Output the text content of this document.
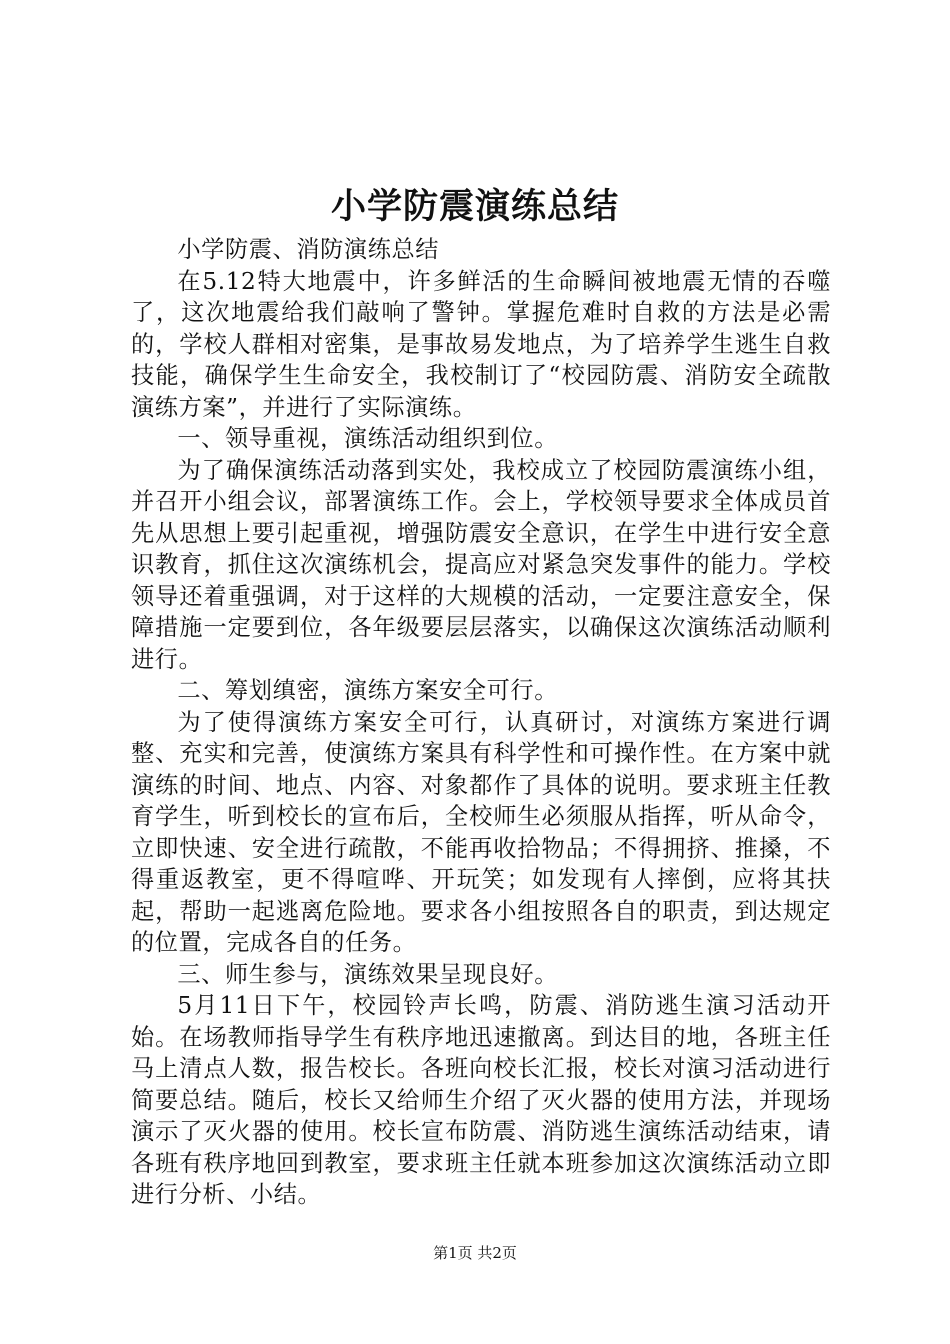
小学防震演练总结

小学防震、消防演练总结

在5.12特大地震中，许多鲜活的生命瞬间被地震无情的吞噬了，这次地震给我们敲响了警钟。掌握危难时自救的方法是必需的，学校人群相对密集，是事故易发地点，为了培养学生逃生自救技能，确保学生生命安全，我校制订了“校园防震、消防安全疏散演练方案”，并进行了实际演练。

一、领导重视，演练活动组织到位。

为了确保演练活动落到实处，我校成立了校园防震演练小组，并召开小组会议，部署演练工作。会上，学校领导要求全体成员首先从思想上要引起重视，增强防震安全意识，在学生中进行安全意识教育，抓住这次演练机会，提高应对紧急突发事件的能力。学校领导还着重强调，对于这样的大规模的活动，一定要注意安全，保障措施一定要到位，各年级要层层落实，以确保这次演练活动顺利进行。

二、筹划缜密，演练方案安全可行。

为了使得演练方案安全可行，认真研讨，对演练方案进行调整、充实和完善，使演练方案具有科学性和可操作性。在方案中就演练的时间、地点、内容、对象都作了具体的说明。要求班主任教育学生，听到校长的宣布后，全校师生必须服从指挥，听从命令，立即快速、安全进行疏散，不能再收拾物品；不得拥挤、推搡，不得重返教室，更不得喧哗、开玩笑；如发现有人摔倒，应将其扶起，帮助一起逃离危险地。要求各小组按照各自的职责，到达规定的位置，完成各自的任务。

三、师生参与，演练效果呈现良好。

5月11日下午，校园铃声长鸣，防震、消防逃生演习活动开始。在场教师指导学生有秩序地迅速撤离。到达目的地，各班主任马上清点人数，报告校长。各班向校长汇报，校长对演习活动进行简要总结。随后，校长又给师生介绍了灭火器的使用方法，并现场演示了灭火器的使用。校长宣布防震、消防逃生演练活动结束，请各班有秩序地回到教室，要求班主任就本班参加这次演练活动立即进行分析、小结。

第1页 共2页
